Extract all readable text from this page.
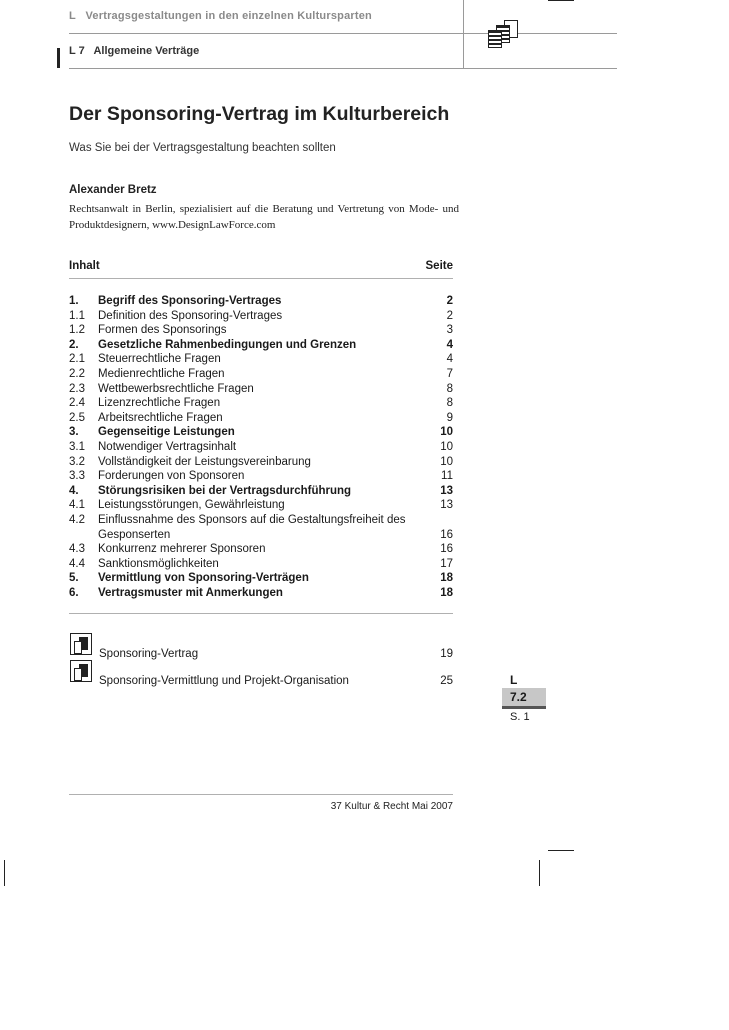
L   Vertragsgestaltungen in den einzelnen Kultursparten
L 7   Allgemeine Verträge
Der Sponsoring-Vertrag im Kulturbereich
Was Sie bei der Vertragsgestaltung beachten sollten
Alexander Bretz
Rechtsanwalt in Berlin, spezialisiert auf die Beratung und Vertretung von Mode- und Produktdesignern, www.DesignLawForce.com
Inhalt	Seite
1.	Begriff des Sponsoring-Vertrages	2
1.1	Definition des Sponsoring-Vertrages	2
1.2	Formen des Sponsorings	3
2.	Gesetzliche Rahmenbedingungen und Grenzen	4
2.1	Steuerrechtliche Fragen	4
2.2	Medienrechtliche Fragen	7
2.3	Wettbewerbsrechtliche Fragen	8
2.4	Lizenzrechtliche Fragen	8
2.5	Arbeitsrechtliche Fragen	9
3.	Gegenseitige Leistungen	10
3.1	Notwendiger Vertragsinhalt	10
3.2	Vollständigkeit der Leistungsvereinbarung	10
3.3	Forderungen von Sponsoren	11
4.	Störungsrisiken bei der Vertragsdurchführung	13
4.1	Leistungsstörungen, Gewährleistung	13
4.2	Einflussnahme des Sponsors auf die Gestaltungsfreiheit des
Gesponserten	16
4.3	Konkurrenz mehrerer Sponsoren	16
4.4	Sanktionsmöglichkeiten	17
5.	Vermittlung von Sponsoring-Verträgen	18
6.	Vertragsmuster mit Anmerkungen	18
Sponsoring-Vertrag	19
Sponsoring-Vermittlung und Projekt-Organisation	25	L
7.2
S. 1
37 Kultur & Recht Mai 2007
